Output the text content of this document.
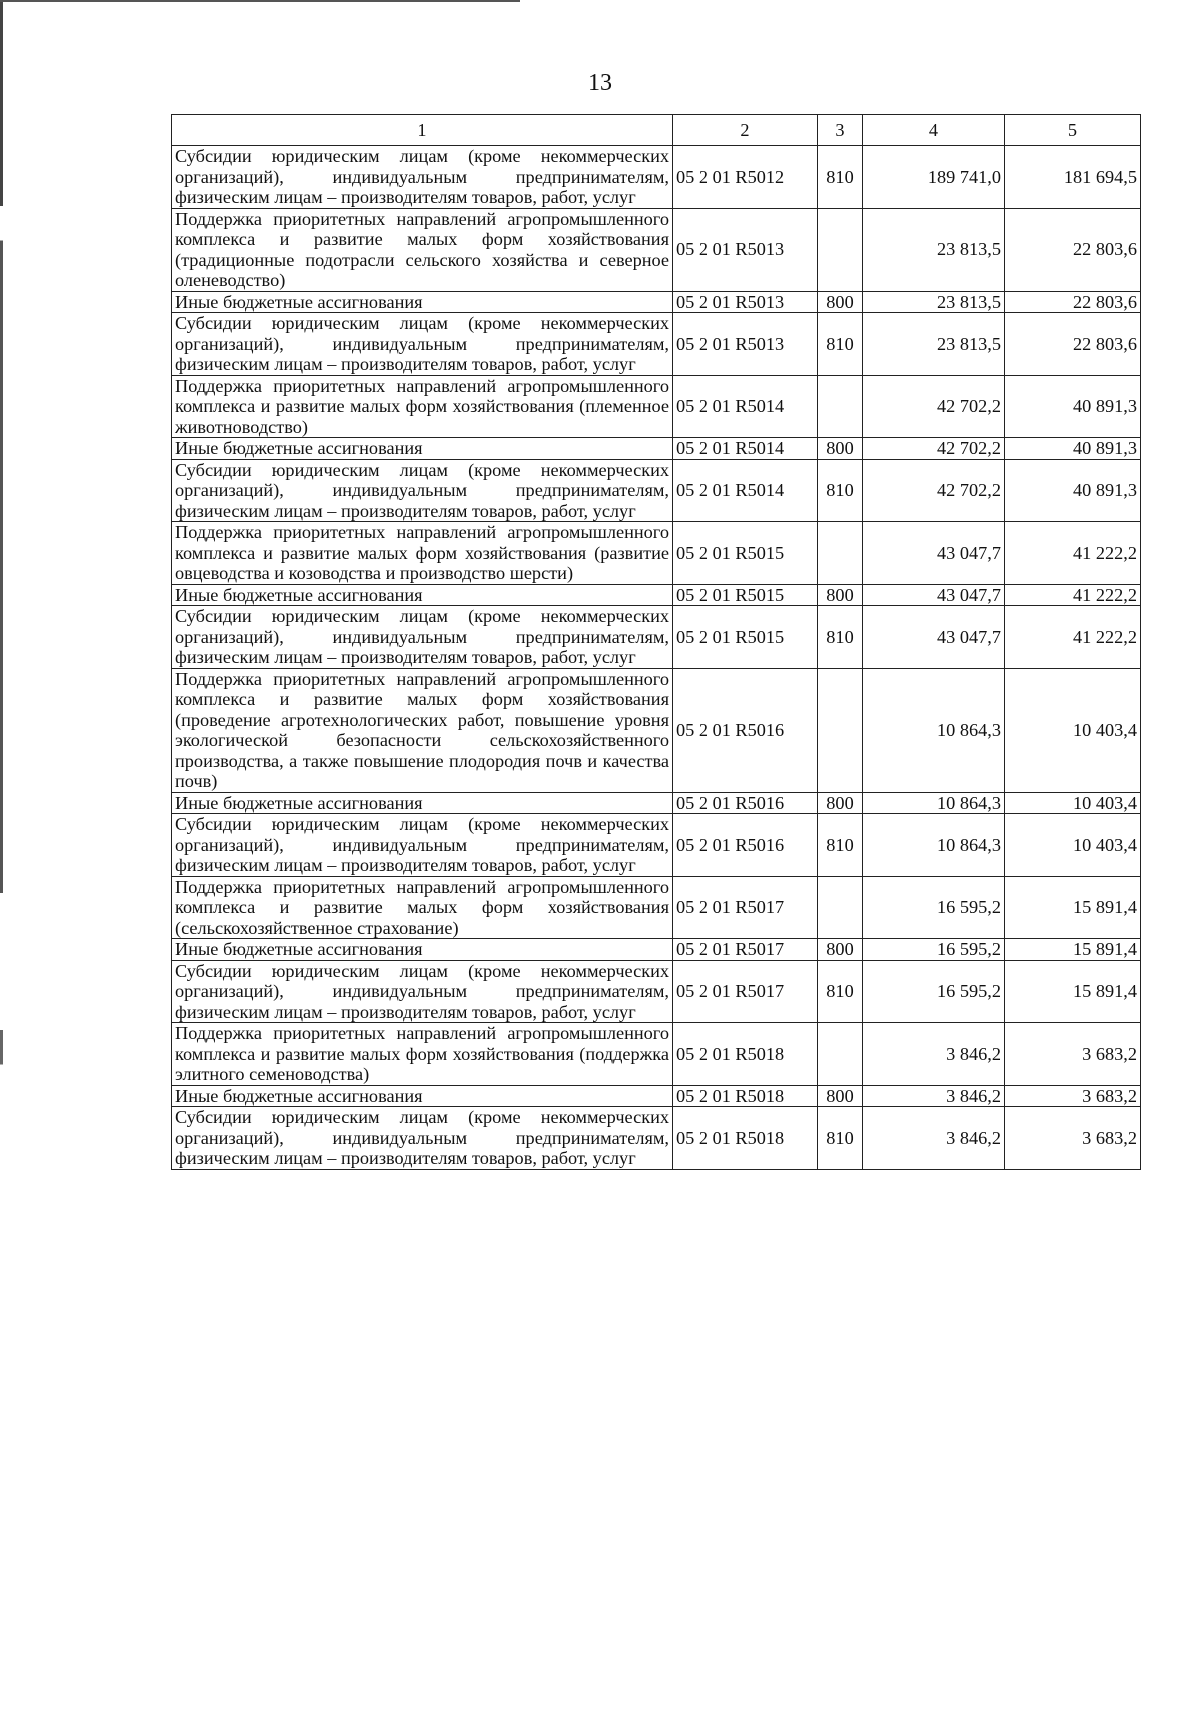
13
1	2	3	4	5
Субсидии юридическим лицам (кроме некоммерческих организаций), индивидуальным предпринимателям, физическим лицам – производителям товаров, работ, услуг	05 2 01 R5012	810	189 741,0	181 694,5
Поддержка приоритетных направлений агропромышленного комплекса и развитие малых форм хозяйствования (традиционные подотрасли сельского хозяйства и северное оленеводство)	05 2 01 R5013		23 813,5	22 803,6
Иные бюджетные ассигнования	05 2 01 R5013	800	23 813,5	22 803,6
Субсидии юридическим лицам (кроме некоммерческих организаций), индивидуальным предпринимателям, физическим лицам – производителям товаров, работ, услуг	05 2 01 R5013	810	23 813,5	22 803,6
Поддержка приоритетных направлений агропромышленного комплекса и развитие малых форм хозяйствования (племенное животноводство)	05 2 01 R5014		42 702,2	40 891,3
Иные бюджетные ассигнования	05 2 01 R5014	800	42 702,2	40 891,3
Субсидии юридическим лицам (кроме некоммерческих организаций), индивидуальным предпринимателям, физическим лицам – производителям товаров, работ, услуг	05 2 01 R5014	810	42 702,2	40 891,3
Поддержка приоритетных направлений агропромышленного комплекса и развитие малых форм хозяйствования (развитие овцеводства и козоводства и производство шерсти)	05 2 01 R5015		43 047,7	41 222,2
Иные бюджетные ассигнования	05 2 01 R5015	800	43 047,7	41 222,2
Субсидии юридическим лицам (кроме некоммерческих организаций), индивидуальным предпринимателям, физическим лицам – производителям товаров, работ, услуг	05 2 01 R5015	810	43 047,7	41 222,2
Поддержка приоритетных направлений агропромышленного комплекса и развитие малых форм хозяйствования (проведение агротехнологических работ, повышение уровня экологической безопасности сельскохозяйственного производства, а также повышение плодородия почв и качества почв)	05 2 01 R5016		10 864,3	10 403,4
Иные бюджетные ассигнования	05 2 01 R5016	800	10 864,3	10 403,4
Субсидии юридическим лицам (кроме некоммерческих организаций), индивидуальным предпринимателям, физическим лицам – производителям товаров, работ, услуг	05 2 01 R5016	810	10 864,3	10 403,4
Поддержка приоритетных направлений агропромышленного комплекса и развитие малых форм хозяйствования (сельскохозяйственное страхование)	05 2 01 R5017		16 595,2	15 891,4
Иные бюджетные ассигнования	05 2 01 R5017	800	16 595,2	15 891,4
Субсидии юридическим лицам (кроме некоммерческих организаций), индивидуальным предпринимателям, физическим лицам – производителям товаров, работ, услуг	05 2 01 R5017	810	16 595,2	15 891,4
Поддержка приоритетных направлений агропромышленного комплекса и развитие малых форм хозяйствования (поддержка элитного семеноводства)	05 2 01 R5018		3 846,2	3 683,2
Иные бюджетные ассигнования	05 2 01 R5018	800	3 846,2	3 683,2
Субсидии юридическим лицам (кроме некоммерческих организаций), индивидуальным предпринимателям, физическим лицам – производителям товаров, работ, услуг	05 2 01 R5018	810	3 846,2	3 683,2
